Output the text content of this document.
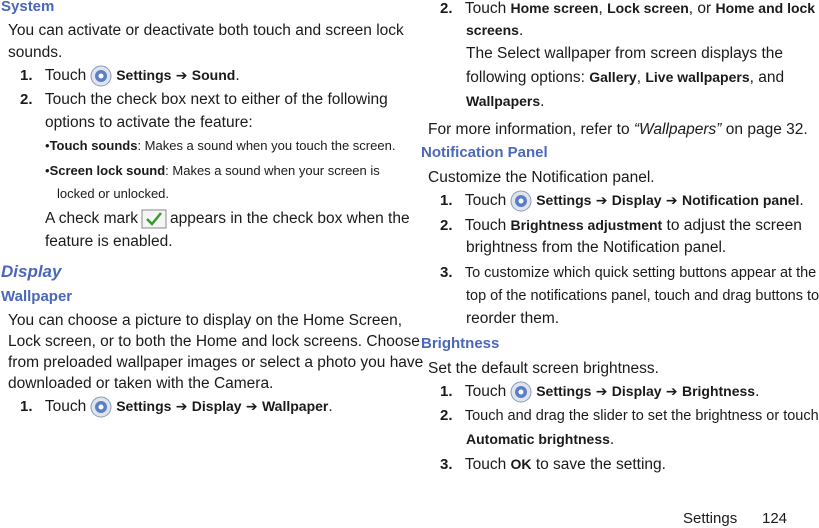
System
You can activate or deactivate both touch and screen lock
sounds.
1. Touch Settings ➔ Sound.
2. Touch the check box next to either of the following
options to activate the feature:
•Touch sounds: Makes a sound when you touch the screen.
•Screen lock sound: Makes a sound when your screen is
locked or unlocked.
A check mark appears in the check box when the
feature is enabled.
Display
Wallpaper
You can choose a picture to display on the Home Screen,
Lock screen, or to both the Home and lock screens. Choose
from preloaded wallpaper images or select a photo you have
downloaded or taken with the Camera.
1. Touch Settings ➔ Display ➔ Wallpaper.
2. Touch Home screen, Lock screen, or Home and lock
screens.
The Select wallpaper from screen displays the
following options: Gallery, Live wallpapers, and
Wallpapers.
For more information, refer to “Wallpapers” on page 32.
Notification Panel
Customize the Notification panel.
1. Touch Settings ➔ Display ➔ Notification panel.
2. Touch Brightness adjustment to adjust the screen
brightness from the Notification panel.
3. To customize which quick setting buttons appear at the
top of the notifications panel, touch and drag buttons to
reorder them.
Brightness
Set the default screen brightness.
1. Touch Settings ➔ Display ➔ Brightness.
2. Touch and drag the slider to set the brightness or touch
Automatic brightness.
3. Touch OK to save the setting.
Settings 124
